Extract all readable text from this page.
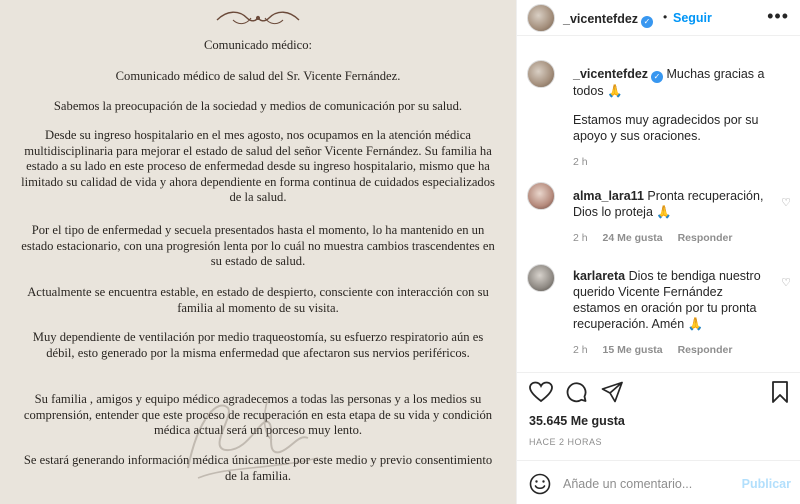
Comunicado médico:

Comunicado médico de salud del Sr. Vicente Fernández.

Sabemos la preocupación de la sociedad y medios de comunicación por su salud.

Desde su ingreso hospitalario en el mes agosto, nos ocupamos en la atención médica multidisciplinaria para mejorar el estado de salud del señor Vicente Fernández. Su familia ha estado a su lado en este proceso de enfermedad desde su ingreso hospitalario, mismo que ha limitado su calidad de vida y ahora dependiente en forma continua de cuidados especializados de la salud.

Por el tipo de enfermedad y secuela presentados hasta el momento, lo ha mantenido en un estado estacionario, con una progresión lenta por lo cuál no muestra cambios trascendentes en su estado de salud.

Actualmente se encuentra estable, en estado de despierto, consciente con interacción con su familia al momento de su visita.

Muy dependiente de ventilación por medio traqueostomía, su esfuerzo respiratorio aún es débil, esto generado por la misma enfermedad que afectaron sus nervios periféricos.

Su familia , amigos y equipo médico agradecemos a todas las personas y a los medios su comprensión, entender que este proceso de recuperación en esta etapa de su vida y condición médica actual será un porceso muy lento.

Se estará generando información médica únicamente por este medio y previo consentimiento de la familia.

_vicentefdez ✓ • Seguir	•••
_vicentefdez ✓ Muchas gracias a todos 🙏
Estamos muy agradecidos por su apoyo y sus oraciones.
2 h
alma_lara11 Pronta recuperación, Dios lo proteja 🙏
2 h 24 Me gusta Responder
♡
karlareta Dios te bendiga nuestro querido Vicente Fernández estamos en oración por tu pronta recuperación. Amén 🙏
2 h 15 Me gusta Responder
♡
35.645 Me gusta
HACE 2 HORAS
Añade un comentario...
Publicar
